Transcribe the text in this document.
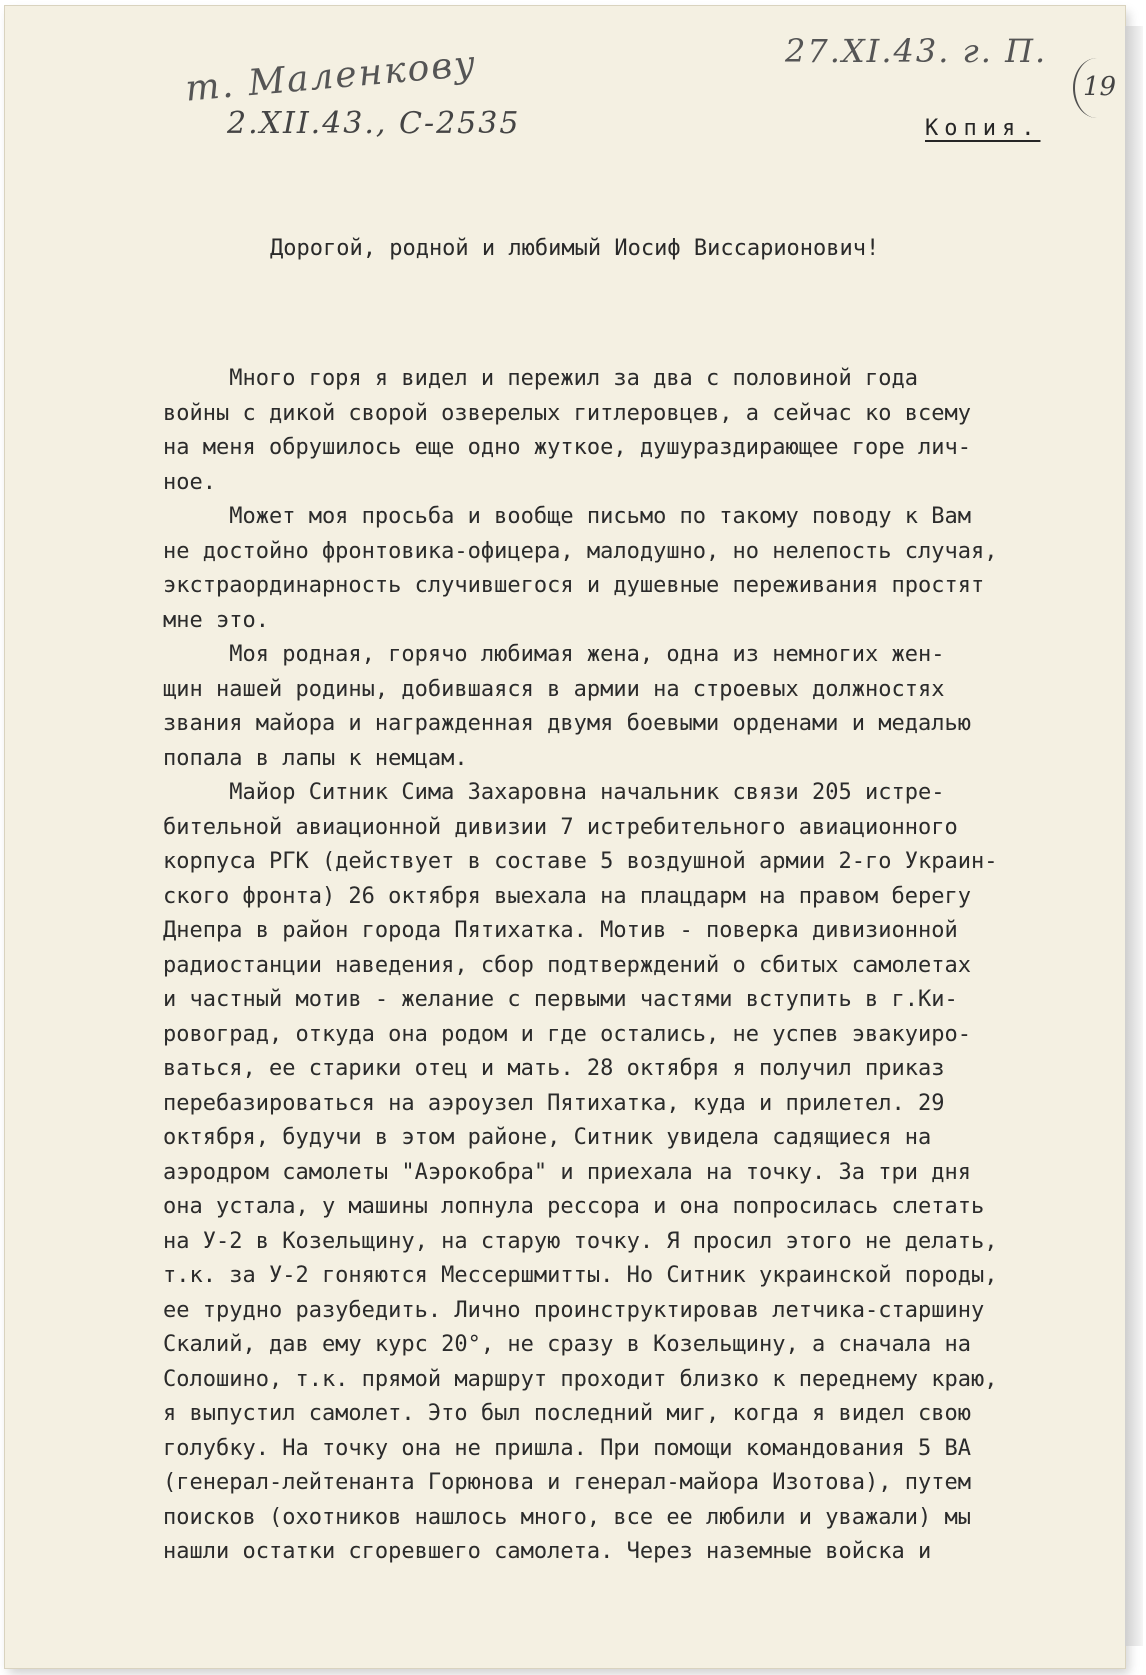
т. Маленкову
2.XII.43., С-2535
27.XI.43. г. П.
19
Копия.
Дорогой, родной и любимый Иосиф Виссарионович!
Много горя я видел и пережил за два с половиной года
войны с дикой сворой озверелых гитлеровцев, а сейчас ко всему
на меня обрушилось еще одно жуткое, душураздирающее горе лич-
ное.
Может моя просьба и вообще письмо по такому поводу к Вам
не достойно фронтовика-офицера, малодушно, но нелепость случая,
экстраординарность случившегося и душевные переживания простят
мне это.
Моя родная, горячо любимая жена, одна из немногих жен-
щин нашей родины, добившаяся в армии на строевых должностях
звания майора и награжденная двумя боевыми орденами и медалью
попала в лапы к немцам.
Майор Ситник Сима Захаровна начальник связи 205 истре-
бительной авиационной дивизии 7 истребительного авиационного
корпуса РГК (действует в составе 5 воздушной армии 2-го Украин-
ского фронта) 26 октября выехала на плацдарм на правом берегу
Днепра в район города Пятихатка. Мотив - поверка дивизионной
радиостанции наведения, сбор подтверждений о сбитых самолетах
и частный мотив - желание с первыми частями вступить в г.Ки-
ровоград, откуда она родом и где остались, не успев эвакуиро-
ваться, ее старики отец и мать. 28 октября я получил приказ
перебазироваться на аэроузел Пятихатка, куда и прилетел. 29
октября, будучи в этом районе, Ситник увидела садящиеся на
аэродром самолеты "Аэрокобра" и приехала на точку. За три дня
она устала, у машины лопнула рессора и она попросилась слетать
на У-2 в Козельщину, на старую точку. Я просил этого не делать,
т.к. за У-2 гоняются Мессершмитты. Но Ситник украинской породы,
ее трудно разубедить. Лично проинструктировав летчика-старшину
Скалий, дав ему курс 20°, не сразу в Козельщину, а сначала на
Солошино, т.к. прямой маршрут проходит близко к переднему краю,
я выпустил самолет. Это был последний миг, когда я видел свою
голубку. На точку она не пришла. При помощи командования 5 ВА
(генерал-лейтенанта Горюнова и генерал-майора Изотова), путем
поисков (охотников нашлось много, все ее любили и уважали) мы
нашли остатки сгоревшего самолета. Через наземные войска и
